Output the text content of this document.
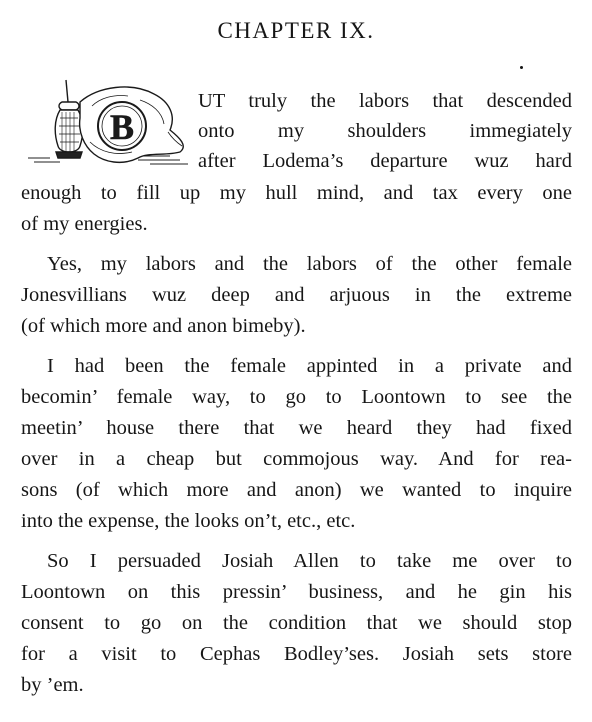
CHAPTER IX.
B
UT truly the labors that descended
onto my shoulders immegiately
after Lodema’s departure wuz hard
enough to fill up my hull mind, and tax every one
of my energies.
Yes, my labors and the labors of the other female
Jonesvillians wuz deep and arjuous in the extreme
(of which more and anon bimeby).
I had been the female appinted in a private and
becomin’ female way, to go to Loontown to see the
meetin’ house there that we heard they had fixed
over in a cheap but commojous way. And for rea-
sons (of which more and anon) we wanted to inquire
into the expense, the looks on’t, etc., etc.
So I persuaded Josiah Allen to take me over to
Loontown on this pressin’ business, and he gin his
consent to go on the condition that we should stop
for a visit to Cephas Bodley’ses. Josiah sets store
by ’em.
